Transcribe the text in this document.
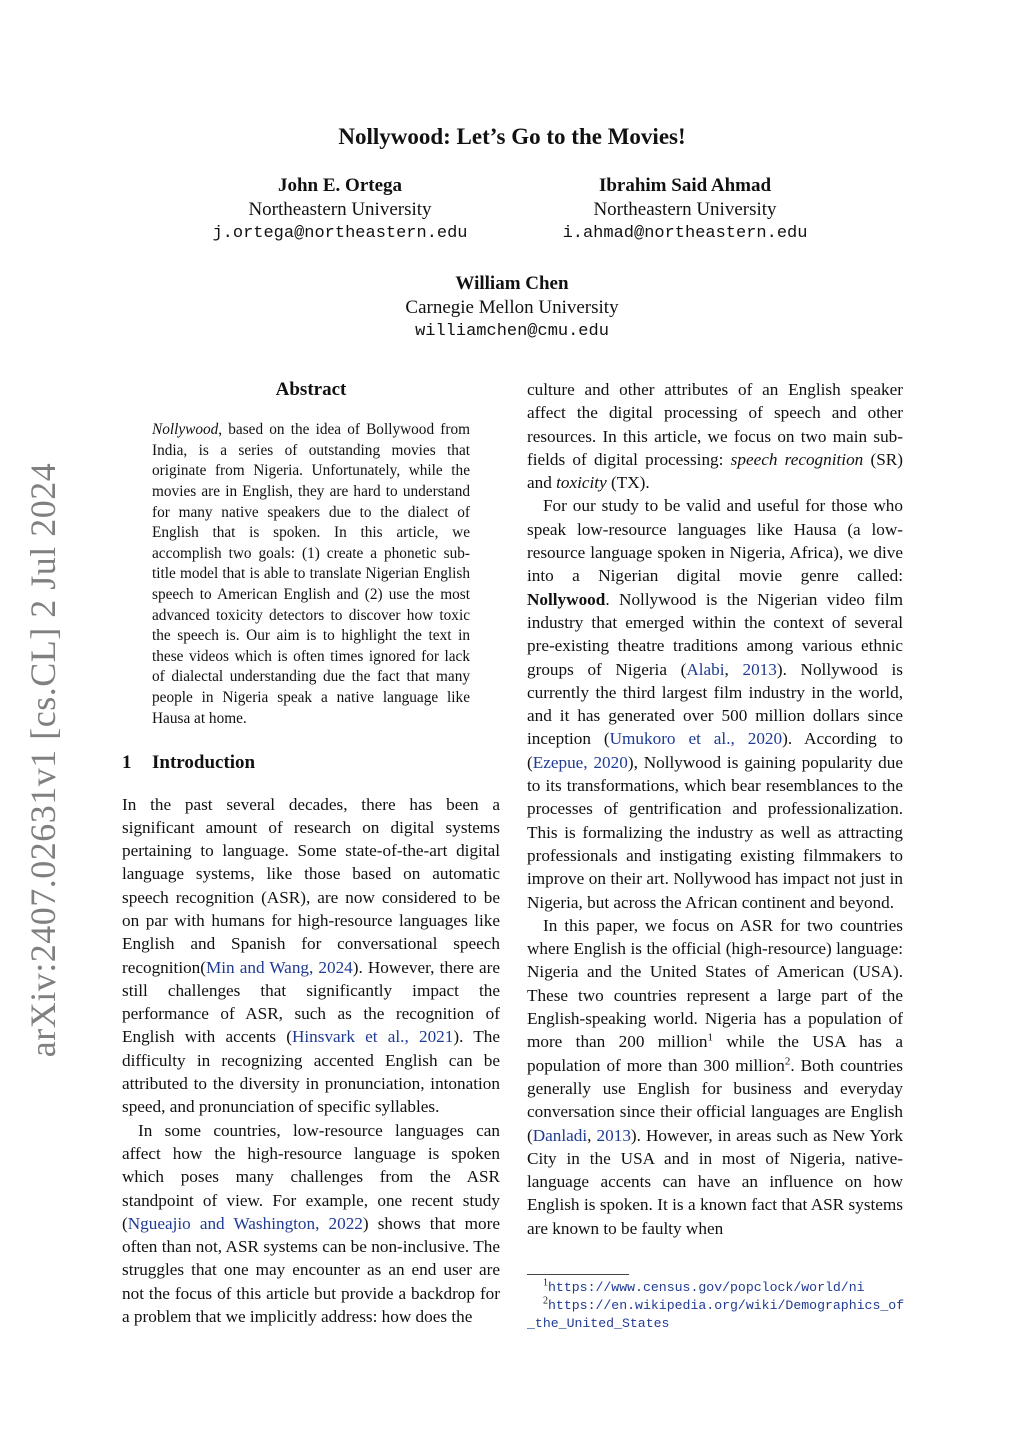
arXiv:2407.02631v1 [cs.CL] 2 Jul 2024
Nollywood: Let’s Go to the Movies!
John E. Ortega
Northeastern University
j.ortega@northeastern.edu
Ibrahim Said Ahmad
Northeastern University
i.ahmad@northeastern.edu
William Chen
Carnegie Mellon University
williamchen@cmu.edu
Abstract
Nollywood, based on the idea of Bollywood from India, is a series of outstanding movies that originate from Nigeria. Unfortunately, while the movies are in English, they are hard to understand for many native speakers due to the dialect of English that is spoken. In this article, we accomplish two goals: (1) create a phonetic sub-title model that is able to translate Nigerian English speech to American English and (2) use the most advanced toxicity detectors to discover how toxic the speech is. Our aim is to highlight the text in these videos which is often times ignored for lack of dialectal understanding due the fact that many people in Nigeria speak a native language like Hausa at home.
1 Introduction

In the past several decades, there has been a significant amount of research on digital systems pertaining to language. Some state-of-the-art digital language systems, like those based on automatic speech recognition (ASR), are now considered to be on par with humans for high-resource languages like English and Spanish for conversational speech recognition(Min and Wang, 2024). However, there are still challenges that significantly impact the performance of ASR, such as the recognition of English with accents (Hinsvark et al., 2021). The difficulty in recognizing accented English can be attributed to the diversity in pronunciation, intonation speed, and pronunciation of specific syllables.

In some countries, low-resource languages can affect how the high-resource language is spoken which poses many challenges from the ASR standpoint of view. For example, one recent study (Ngueajio and Washington, 2022) shows that more often than not, ASR systems can be non-inclusive. The struggles that one may encounter as an end user are not the focus of this article but provide a backdrop for a problem that we implicitly address: how does the

culture and other attributes of an English speaker affect the digital processing of speech and other resources. In this article, we focus on two main sub-fields of digital processing: speech recognition (SR) and toxicity (TX).

For our study to be valid and useful for those who speak low-resource languages like Hausa (a low-resource language spoken in Nigeria, Africa), we dive into a Nigerian digital movie genre called: Nollywood. Nollywood is the Nigerian video film industry that emerged within the context of several pre-existing theatre traditions among various ethnic groups of Nigeria (Alabi, 2013). Nollywood is currently the third largest film industry in the world, and it has generated over 500 million dollars since inception (Umukoro et al., 2020). According to (Ezepue, 2020), Nollywood is gaining popularity due to its transformations, which bear resemblances to the processes of gentrification and professionalization. This is formalizing the industry as well as attracting professionals and instigating existing filmmakers to improve on their art. Nollywood has impact not just in Nigeria, but across the African continent and beyond.

In this paper, we focus on ASR for two countries where English is the official (high-resource) language: Nigeria and the United States of American (USA). These two countries represent a large part of the English-speaking world. Nigeria has a population of more than 200 million$^1$ while the USA has a population of more than 300 million$^2$. Both countries generally use English for business and everyday conversation since their official languages are English (Danladi, 2013). However, in areas such as New York City in the USA and in most of Nigeria, native-language accents can have an influence on how English is spoken. It is a known fact that ASR systems are known to be faulty when

$^1$https://www.census.gov/popclock/world/ni
$^2$https://en.wikipedia.org/wiki/Demographics_of_the_United_States
